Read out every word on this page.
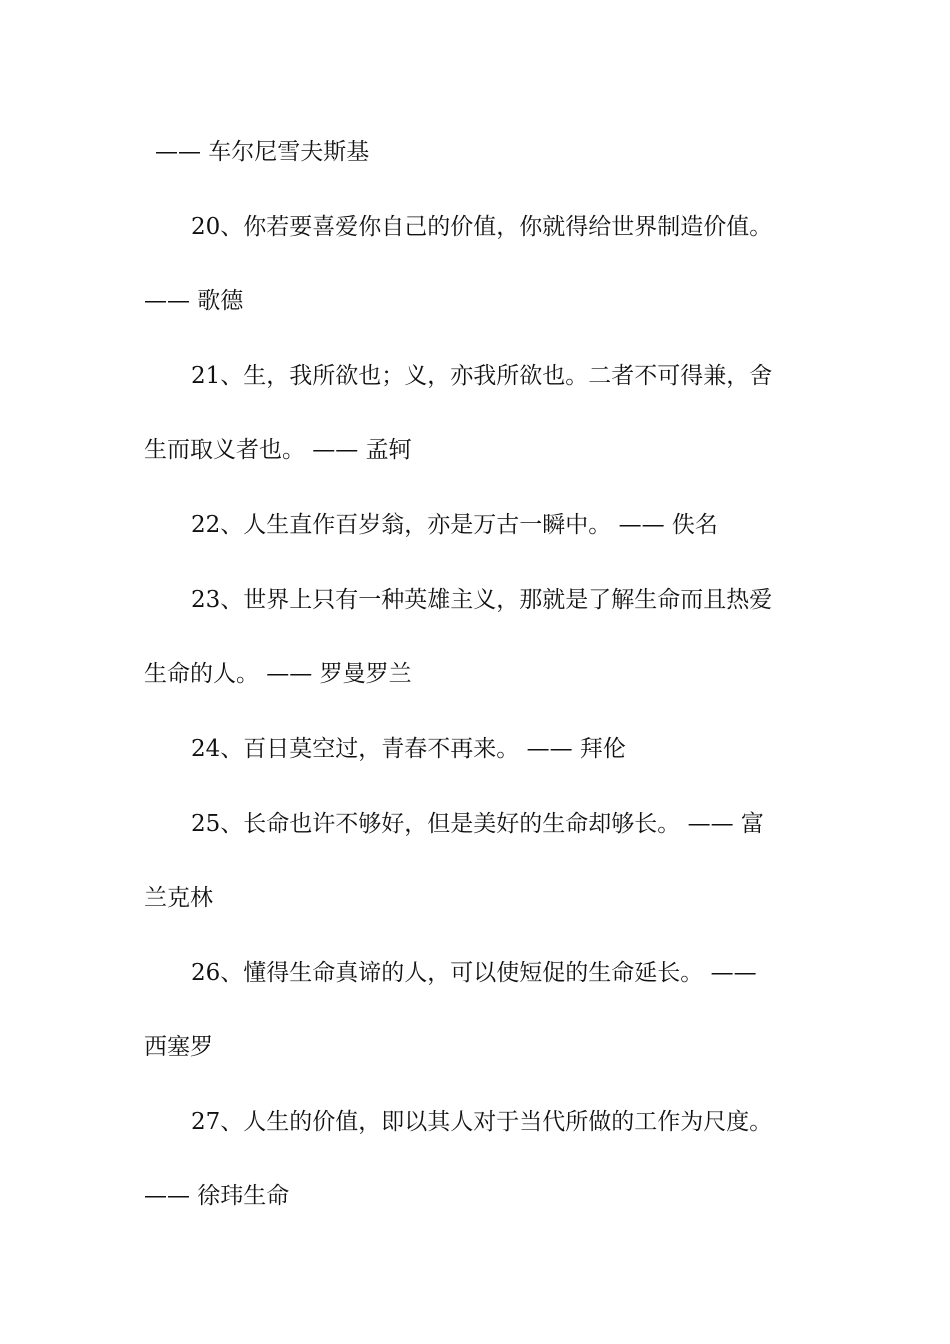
—— 车尔尼雪夫斯基
20、你若要喜爱你自己的价值，你就得给世界制造价值。
—— 歌德
21、生，我所欲也；义，亦我所欲也。二者不可得兼，舍
生而取义者也。 —— 孟轲
22、人生直作百岁翁，亦是万古一瞬中。 —— 佚名
23、世界上只有一种英雄主义，那就是了解生命而且热爱
生命的人。 —— 罗曼罗兰
24、百日莫空过，青春不再来。 —— 拜伦
25、长命也许不够好，但是美好的生命却够长。 —— 富
兰克林
26、懂得生命真谛的人，可以使短促的生命延长。 ——
西塞罗
27、人生的价值，即以其人对于当代所做的工作为尺度。
—— 徐玮生命
